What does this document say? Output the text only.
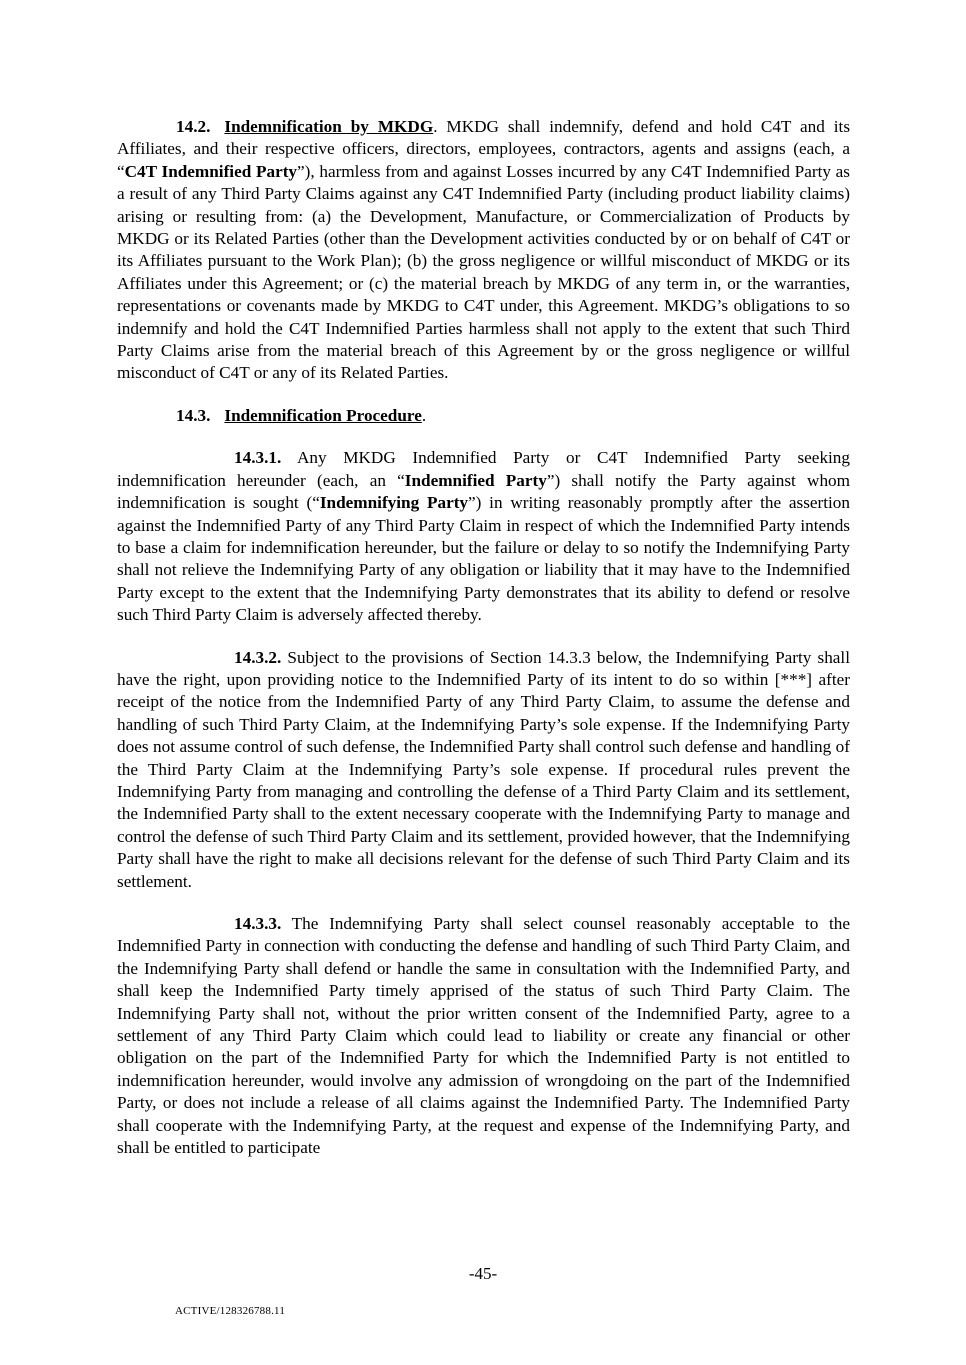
14.2. Indemnification by MKDG. MKDG shall indemnify, defend and hold C4T and its Affiliates, and their respective officers, directors, employees, contractors, agents and assigns (each, a “C4T Indemnified Party”), harmless from and against Losses incurred by any C4T Indemnified Party as a result of any Third Party Claims against any C4T Indemnified Party (including product liability claims) arising or resulting from: (a) the Development, Manufacture, or Commercialization of Products by MKDG or its Related Parties (other than the Development activities conducted by or on behalf of C4T or its Affiliates pursuant to the Work Plan); (b) the gross negligence or willful misconduct of MKDG or its Affiliates under this Agreement; or (c) the material breach by MKDG of any term in, or the warranties, representations or covenants made by MKDG to C4T under, this Agreement. MKDG’s obligations to so indemnify and hold the C4T Indemnified Parties harmless shall not apply to the extent that such Third Party Claims arise from the material breach of this Agreement by or the gross negligence or willful misconduct of C4T or any of its Related Parties.

14.3. Indemnification Procedure.

14.3.1. Any MKDG Indemnified Party or C4T Indemnified Party seeking indemnification hereunder (each, an “Indemnified Party”) shall notify the Party against whom indemnification is sought (“Indemnifying Party”) in writing reasonably promptly after the assertion against the Indemnified Party of any Third Party Claim in respect of which the Indemnified Party intends to base a claim for indemnification hereunder, but the failure or delay to so notify the Indemnifying Party shall not relieve the Indemnifying Party of any obligation or liability that it may have to the Indemnified Party except to the extent that the Indemnifying Party demonstrates that its ability to defend or resolve such Third Party Claim is adversely affected thereby.

14.3.2. Subject to the provisions of Section 14.3.3 below, the Indemnifying Party shall have the right, upon providing notice to the Indemnified Party of its intent to do so within [***] after receipt of the notice from the Indemnified Party of any Third Party Claim, to assume the defense and handling of such Third Party Claim, at the Indemnifying Party’s sole expense. If the Indemnifying Party does not assume control of such defense, the Indemnified Party shall control such defense and handling of the Third Party Claim at the Indemnifying Party’s sole expense. If procedural rules prevent the Indemnifying Party from managing and controlling the defense of a Third Party Claim and its settlement, the Indemnified Party shall to the extent necessary cooperate with the Indemnifying Party to manage and control the defense of such Third Party Claim and its settlement, provided however, that the Indemnifying Party shall have the right to make all decisions relevant for the defense of such Third Party Claim and its settlement.

14.3.3. The Indemnifying Party shall select counsel reasonably acceptable to the Indemnified Party in connection with conducting the defense and handling of such Third Party Claim, and the Indemnifying Party shall defend or handle the same in consultation with the Indemnified Party, and shall keep the Indemnified Party timely apprised of the status of such Third Party Claim. The Indemnifying Party shall not, without the prior written consent of the Indemnified Party, agree to a settlement of any Third Party Claim which could lead to liability or create any financial or other obligation on the part of the Indemnified Party for which the Indemnified Party is not entitled to indemnification hereunder, would involve any admission of wrongdoing on the part of the Indemnified Party, or does not include a release of all claims against the Indemnified Party. The Indemnified Party shall cooperate with the Indemnifying Party, at the request and expense of the Indemnifying Party, and shall be entitled to participate

-45-
ACTIVE/128326788.11
